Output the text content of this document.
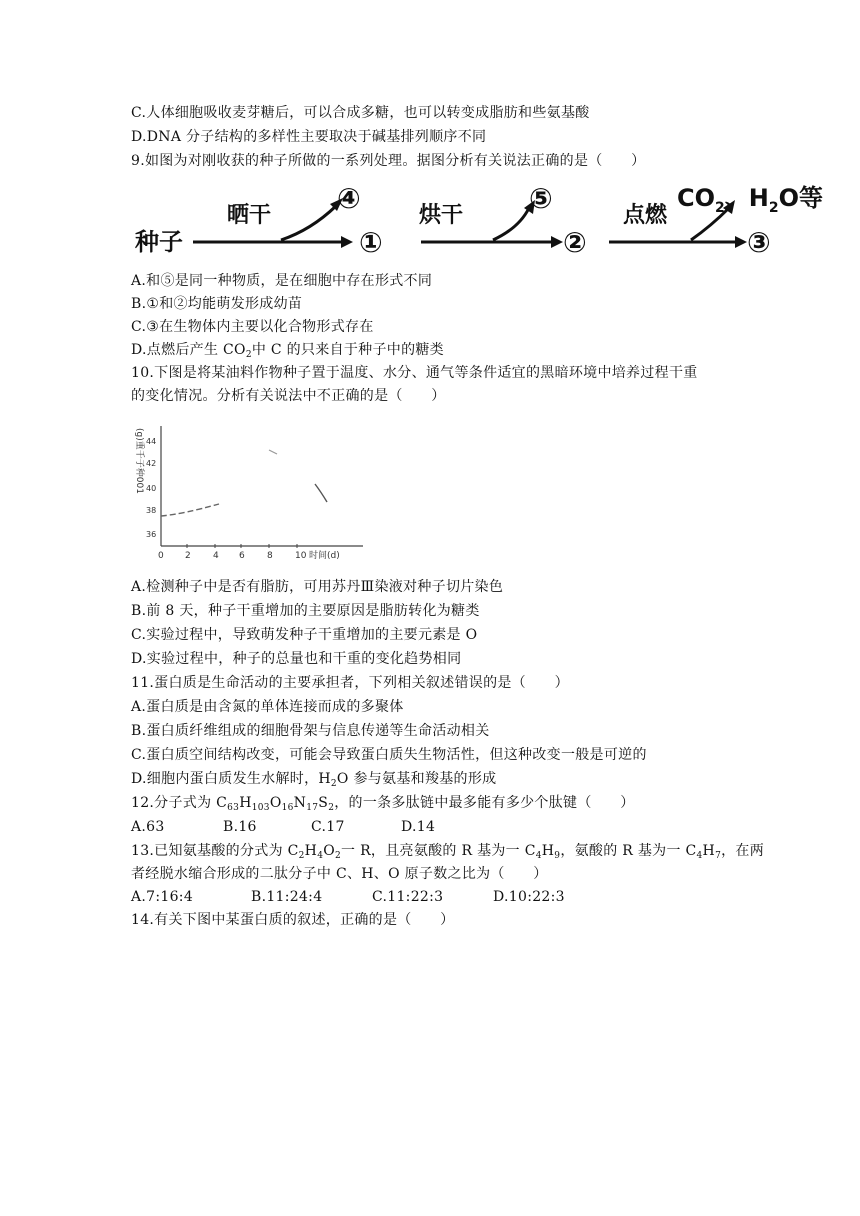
C.人体细胞吸收麦芽糖后，可以合成多糖，也可以转变成脂肪和些氨基酸
D.DNA 分子结构的多样性主要取决于碱基排列顺序不同
9.如图为对刚收获的种子所做的一系列处理。据图分析有关说法正确的是（　　）
种子
晒干
④
①
烘干
⑤
②
点燃
$CO_2$、$H_2O$等
③
A.和⑤是同一种物质，是在细胞中存在形式不同
B.①和②均能萌发形成幼苗
C.③在生物体内主要以化合物形式存在
D.点燃后产生 $CO_2$中 C 的只来自于种子中的糖类
10.下图是将某油料作物种子置于温度、水分、通气等条件适宜的黑暗环境中培养过程干重
的变化情况。分析有关说法中不正确的是（　　）
(g)重千子种001 44
42
40
38
36
0 2 4 6 8 10 时间(d)
A.检测种子中是否有脂肪，可用苏丹Ⅲ染液对种子切片染色
B.前 8 天，种子干重增加的主要原因是脂肪转化为糖类
C.实验过程中，导致萌发种子干重增加的主要元素是 O
D.实验过程中，种子的总量也和干重的变化趋势相同
11.蛋白质是生命活动的主要承担者，下列相关叙述错误的是（　　）
A.蛋白质是由含氮的单体连接而成的多聚体
B.蛋白质纤维组成的细胞骨架与信息传递等生命活动相关
C.蛋白质空间结构改变，可能会导致蛋白质失生物活性，但这种改变一般是可逆的
D.细胞内蛋白质发生水解时，$H_2O$ 参与氨基和羧基的形成
12.分子式为 $C_{63}H_{103}O_{16}N_{17}S_2$，的一条多肽链中最多能有多少个肽键（　　）
A.63	B.16	C.17	D.14
13.已知氨基酸的分式为 $C_2H_4O_2$一 R，且亮氨酸的 R 基为一 $C_4H_9$，氨酸的 R 基为一 $C_4H_7$，在两
者经脱水缩合形成的二肽分子中 C、H、O 原子数之比为（　　）
A.7:16:4	B.11:24:4	C.11:22:3	D.10:22:3
14.有关下图中某蛋白质的叙述，正确的是（　　）
